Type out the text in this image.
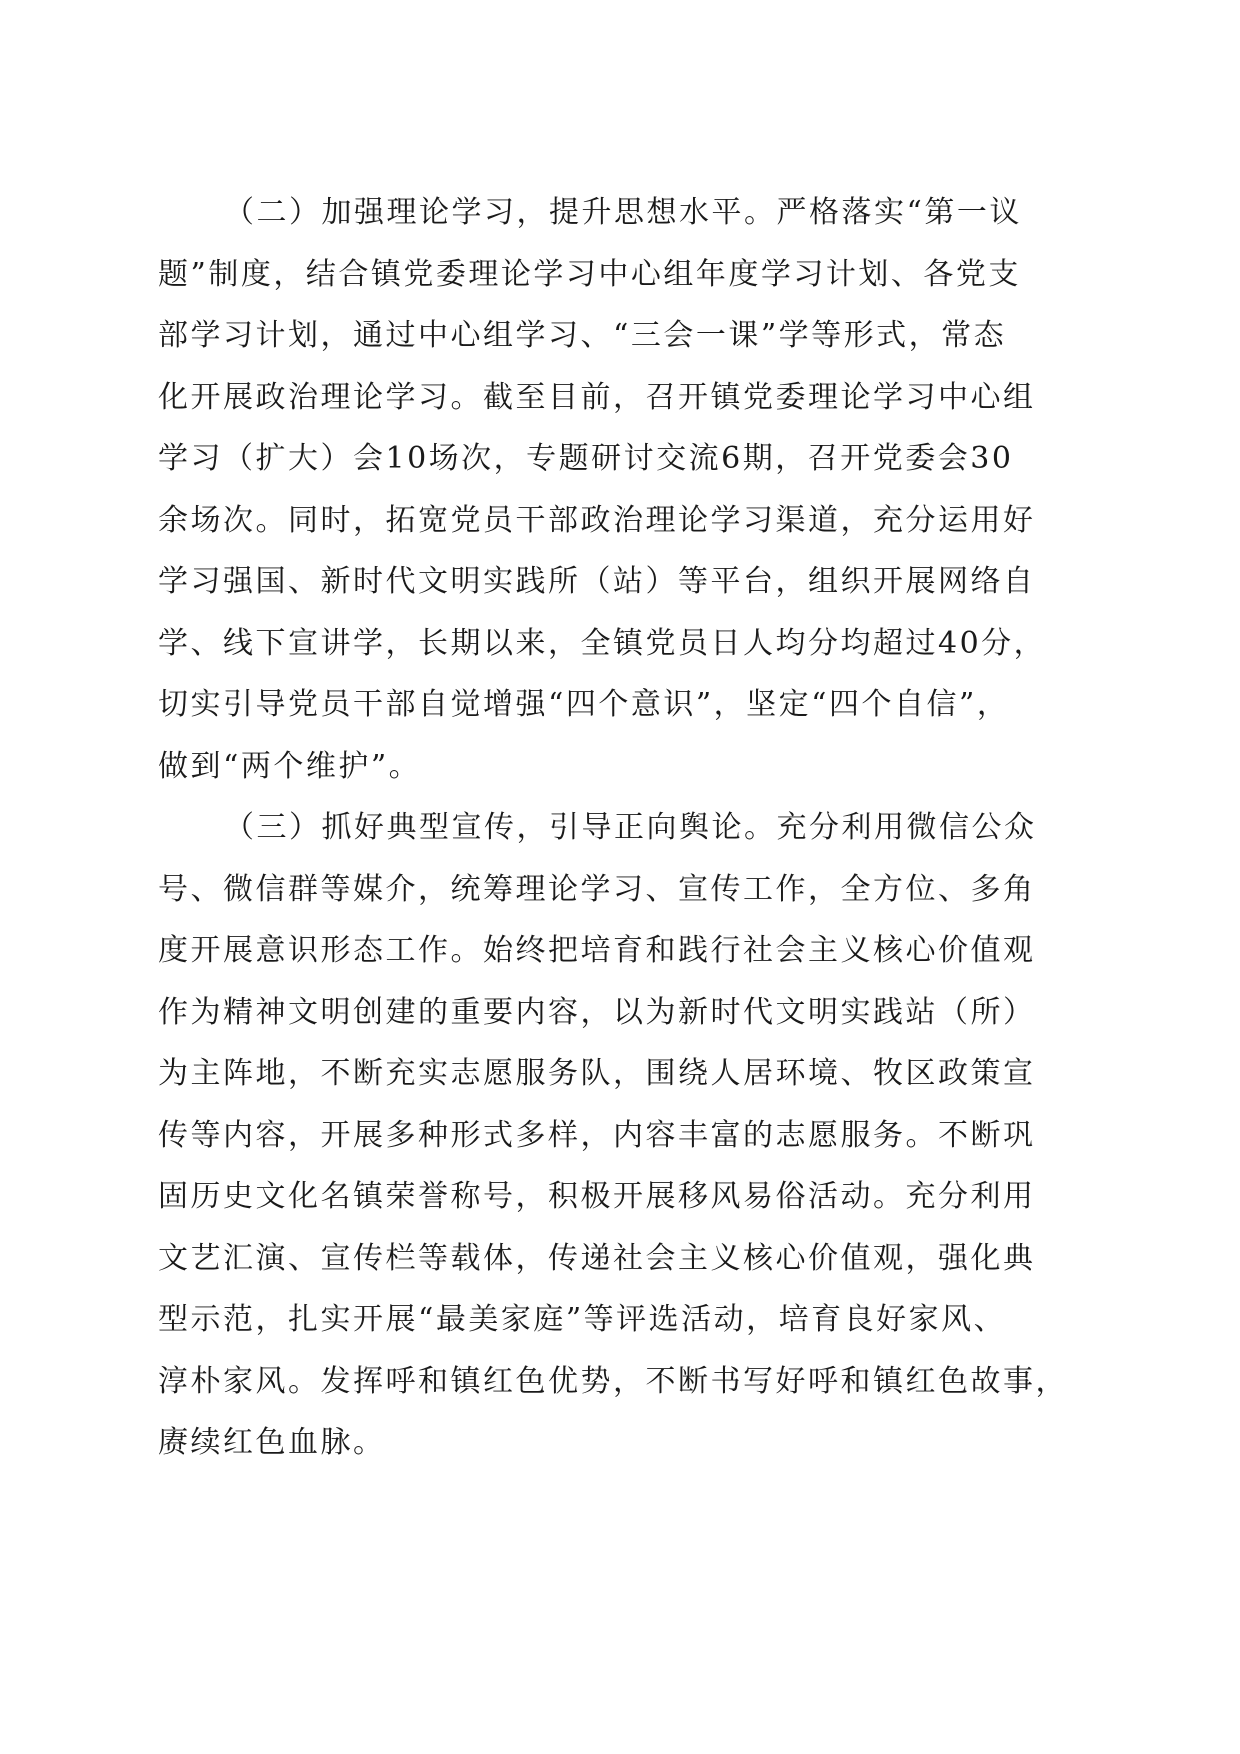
（二）加强理论学习，提升思想水平。严格落实“第一议
题”制度，结合镇党委理论学习中心组年度学习计划、各党支
部学习计划，通过中心组学习、“三会一课”学等形式，常态
化开展政治理论学习。截至目前，召开镇党委理论学习中心组
学习（扩大）会10场次，专题研讨交流6期，召开党委会30
余场次。同时，拓宽党员干部政治理论学习渠道，充分运用好
学习强国、新时代文明实践所（站）等平台，组织开展网络自
学、线下宣讲学，长期以来，全镇党员日人均分均超过40分，
切实引导党员干部自觉增强“四个意识”，坚定“四个自信”，
做到“两个维护”。

（三）抓好典型宣传，引导正向舆论。充分利用微信公众
号、微信群等媒介，统筹理论学习、宣传工作，全方位、多角
度开展意识形态工作。始终把培育和践行社会主义核心价值观
作为精神文明创建的重要内容，以为新时代文明实践站（所）
为主阵地，不断充实志愿服务队，围绕人居环境、牧区政策宣
传等内容，开展多种形式多样，内容丰富的志愿服务。不断巩
固历史文化名镇荣誉称号，积极开展移风易俗活动。充分利用
文艺汇演、宣传栏等载体，传递社会主义核心价值观，强化典
型示范，扎实开展“最美家庭”等评选活动，培育良好家风、
淳朴家风。发挥呼和镇红色优势，不断书写好呼和镇红色故事，
赓续红色血脉。
